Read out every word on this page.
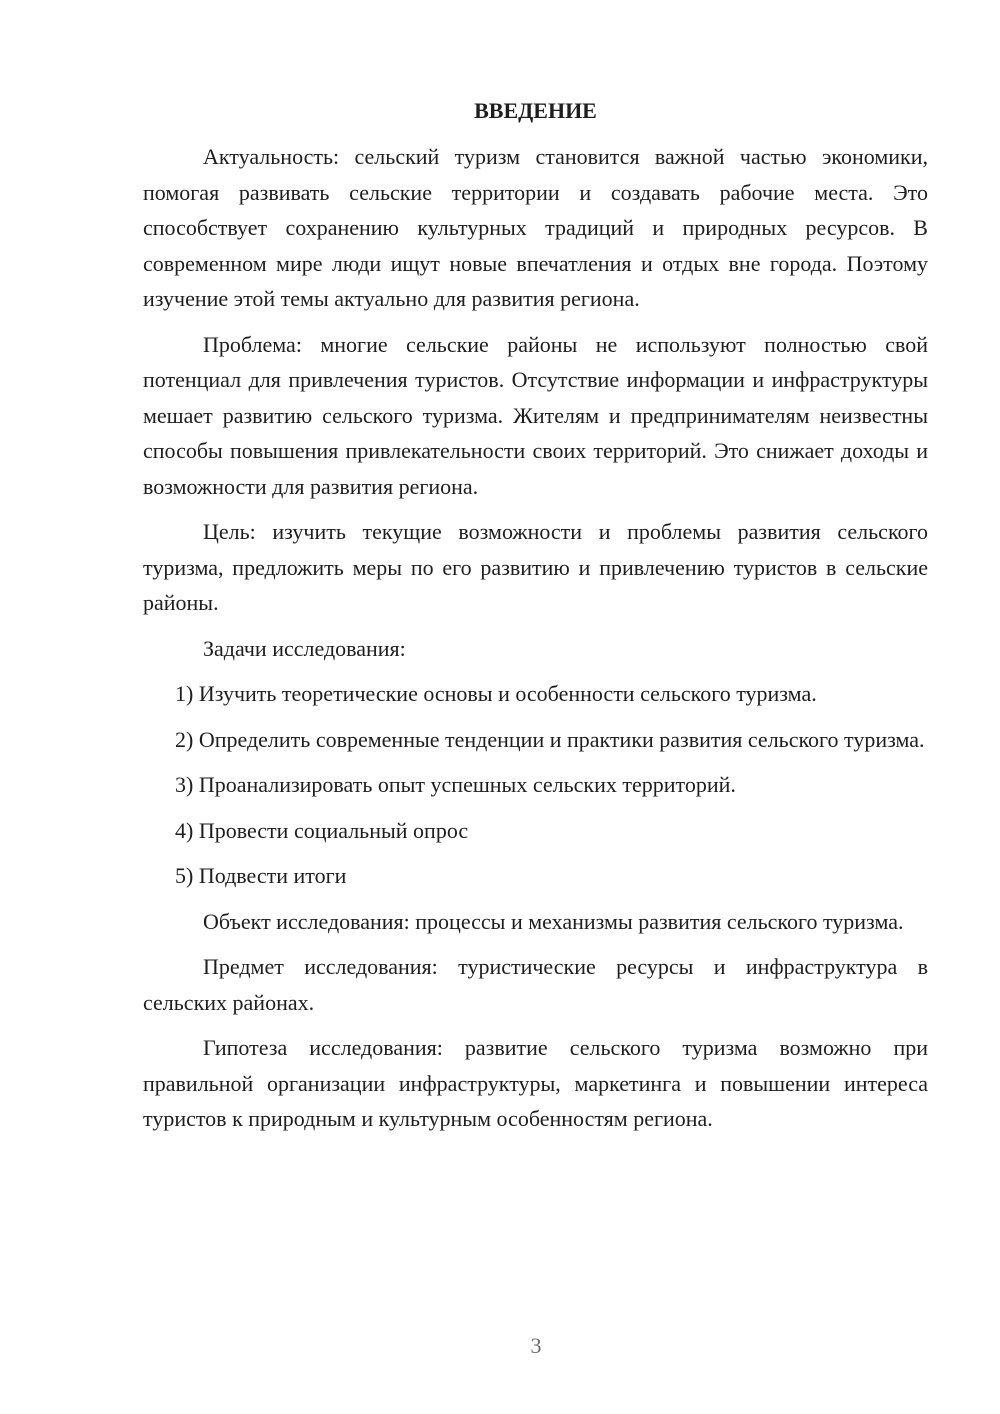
ВВЕДЕНИЕ

Актуальность: сельский туризм становится важной частью экономики, помогая развивать сельские территории и создавать рабочие места. Это способствует сохранению культурных традиций и природных ресурсов. В современном мире люди ищут новые впечатления и отдых вне города. Поэтому изучение этой темы актуально для развития региона.

Проблема: многие сельские районы не используют полностью свой потенциал для привлечения туристов. Отсутствие информации и инфраструктуры мешает развитию сельского туризма. Жителям и предпринимателям неизвестны способы повышения привлекательности своих территорий. Это снижает доходы и возможности для развития региона.

Цель: изучить текущие возможности и проблемы развития сельского туризма, предложить меры по его развитию и привлечению туристов в сельские районы.

Задачи исследования:

1) Изучить теоретические основы и особенности сельского туризма.

2) Определить современные тенденции и практики развития сельского туризма.

3) Проанализировать опыт успешных сельских территорий.

4) Провести социальный опрос

5) Подвести итоги

Объект исследования: процессы и механизмы развития сельского туризма.

Предмет исследования: туристические ресурсы и инфраструктура в сельских районах.

Гипотеза исследования: развитие сельского туризма возможно при правильной организации инфраструктуры, маркетинга и повышении интереса туристов к природным и культурным особенностям региона.

3
